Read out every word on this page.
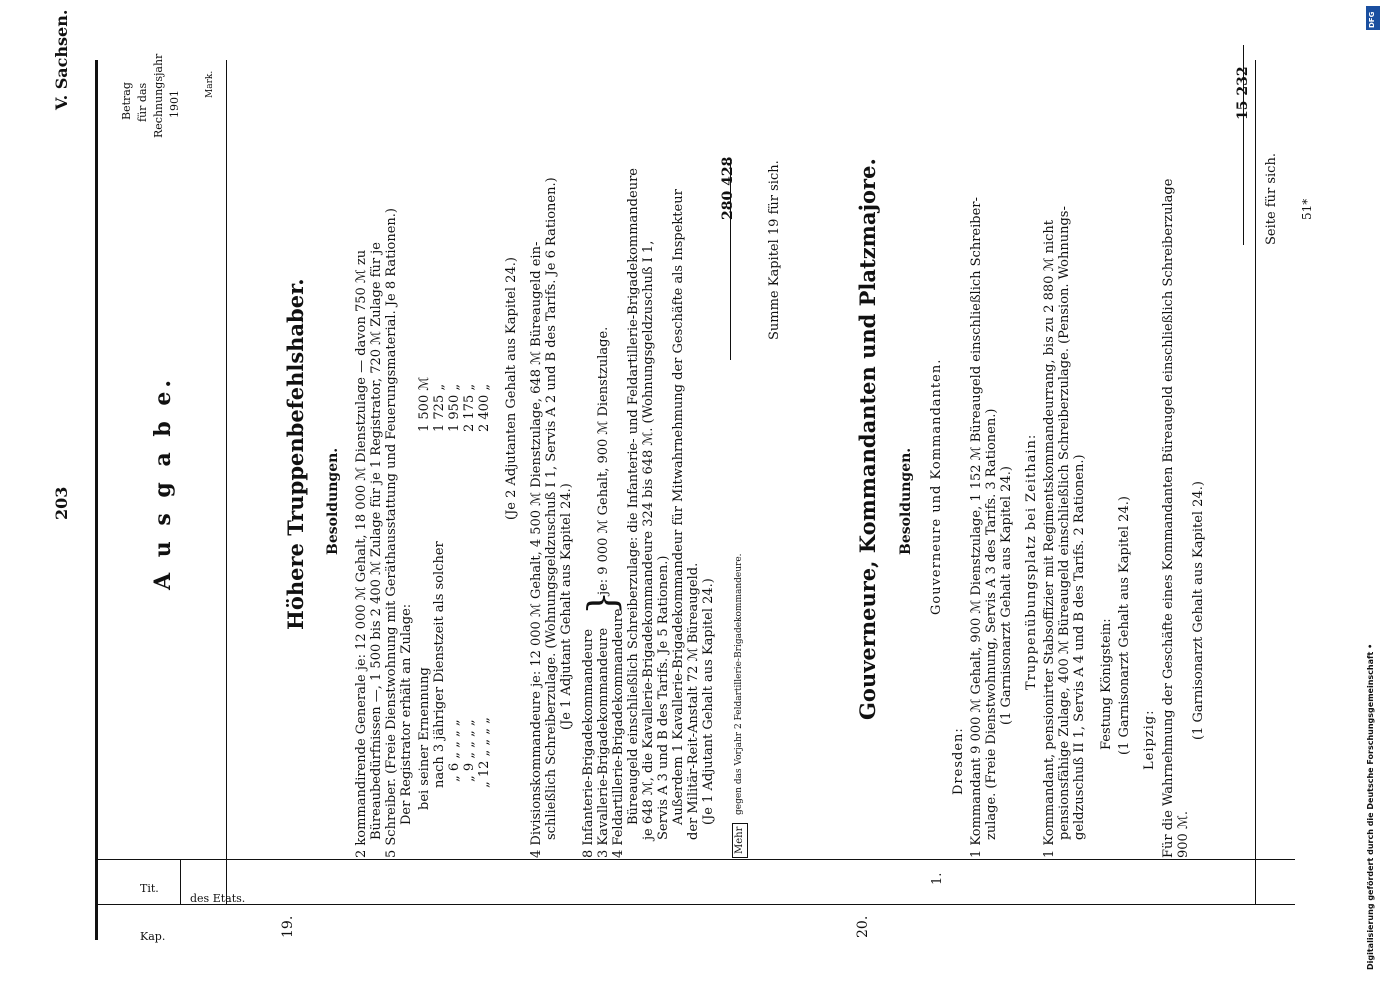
203
V. Sachsen.
Kap.
Tit.
des Etats.
Betrag für das Rechnungsjahr 1901
Mark.
A u s g a b e.
19.
Höhere Truppenbefehlshaber. Besoldungen. 2 kommandirende Generale je: 12 000 ℳ Gehalt, 18 000 ℳ Dienstzulage — davon 750 ℳ zu Büreaubedürfnissen —, 1 500 bis 2 400 ℳ Zulage für je 1 Registrator, 720 ℳ Zulage für je 5 Schreiber. (Freie Dienstwohnung mit Geräthausstattung und Feuerungsmaterial. Je 8 Rationen.) Der Registrator erhält an Zulage: bei seiner Ernennung
1 500 ℳ
nach 3 jähriger Dienstzeit als solcher
1 725 „
„ 6 „ „ „ „
1 950 „
„ 9 „ „ „ „
2 175 „
„ 12 „ „ „ „
2 400 „ (Je 2 Adjutanten Gehalt aus Kapitel 24.) 4 Divisionskommandeure je: 12 000 ℳ Gehalt, 4 500 ℳ Dienstzulage, 648 ℳ Büreaugeld ein- schließlich Schreiberzulage. (Wohnungsgeldzuschuß I 1, Servis A 2 und B des Tarifs. Je 6 Rationen.) (Je 1 Adjutant Gehalt aus Kapitel 24.)
8 Infanterie-Brigadekommandeure 3 Kavallerie-Brigadekommandeure 4 Feldartillerie-Brigadekommandeure
}
je: 9 000 ℳ Gehalt, 900 ℳ Dienstzulage. Büreaugeld einschließlich Schreiberzulage: die Infanterie- und Feldartillerie-Brigadekommandeure je 648 ℳ, die Kavallerie-Brigadekommandeure 324 bis 648 ℳ. (Wohnungsgeldzuschuß I 1, Servis A 3 und B des Tarifs. Je 5 Rationen.) Außerdem 1 Kavallerie-Brigadekommandeur für Mitwahrnehmung der Geschäfte als Inspekteur der Militär-Reit-Anstalt 72 ℳ Büreaugeld. (Je 1 Adjutant Gehalt aus Kapitel 24.)
Mehr
gegen das Vorjahr 2 Feldartillerie-Brigadekommandeure.
280 428 Summe Kapitel 19 für sich.
20.
Gouverneure, Kommandanten und Platzmajore. Besoldungen.
1.
Gouverneure und Kommandanten.
Dresden: 1 Kommandant 9 000 ℳ Gehalt, 900 ℳ Dienstzulage, 1 152 ℳ Büreaugeld einschließlich Schreiber- zulage. (Freie Dienstwohnung, Servis A 3 des Tarifs. 3 Rationen.) (1 Garnisonarzt Gehalt aus Kapitel 24.) Truppenübungsplatz bei Zeithain: 1 Kommandant, pensionirter Stabsoffizier mit Regimentskommandeurrang, bis zu 2 880 ℳ nicht pensionsfähige Zulage, 400 ℳ Büreaugeld einschließlich Schreiberzulage. (Pension. Wohnungs- geldzuschuß II 1, Servis A 4 und B des Tarifs. 2 Rationen.) Festung Königstein: (1 Garnisonarzt Gehalt aus Kapitel 24.) Leipzig: Für die Wahrnehmung der Geschäfte eines Kommandanten Büreaugeld einschließlich Schreiberzulage 900 ℳ.
(1 Garnisonarzt Gehalt aus Kapitel 24.)
15 232
Seite für sich. 51*
DFG
Digitalisierung gefördert durch die Deutsche Forschungsgemeinschaft •
